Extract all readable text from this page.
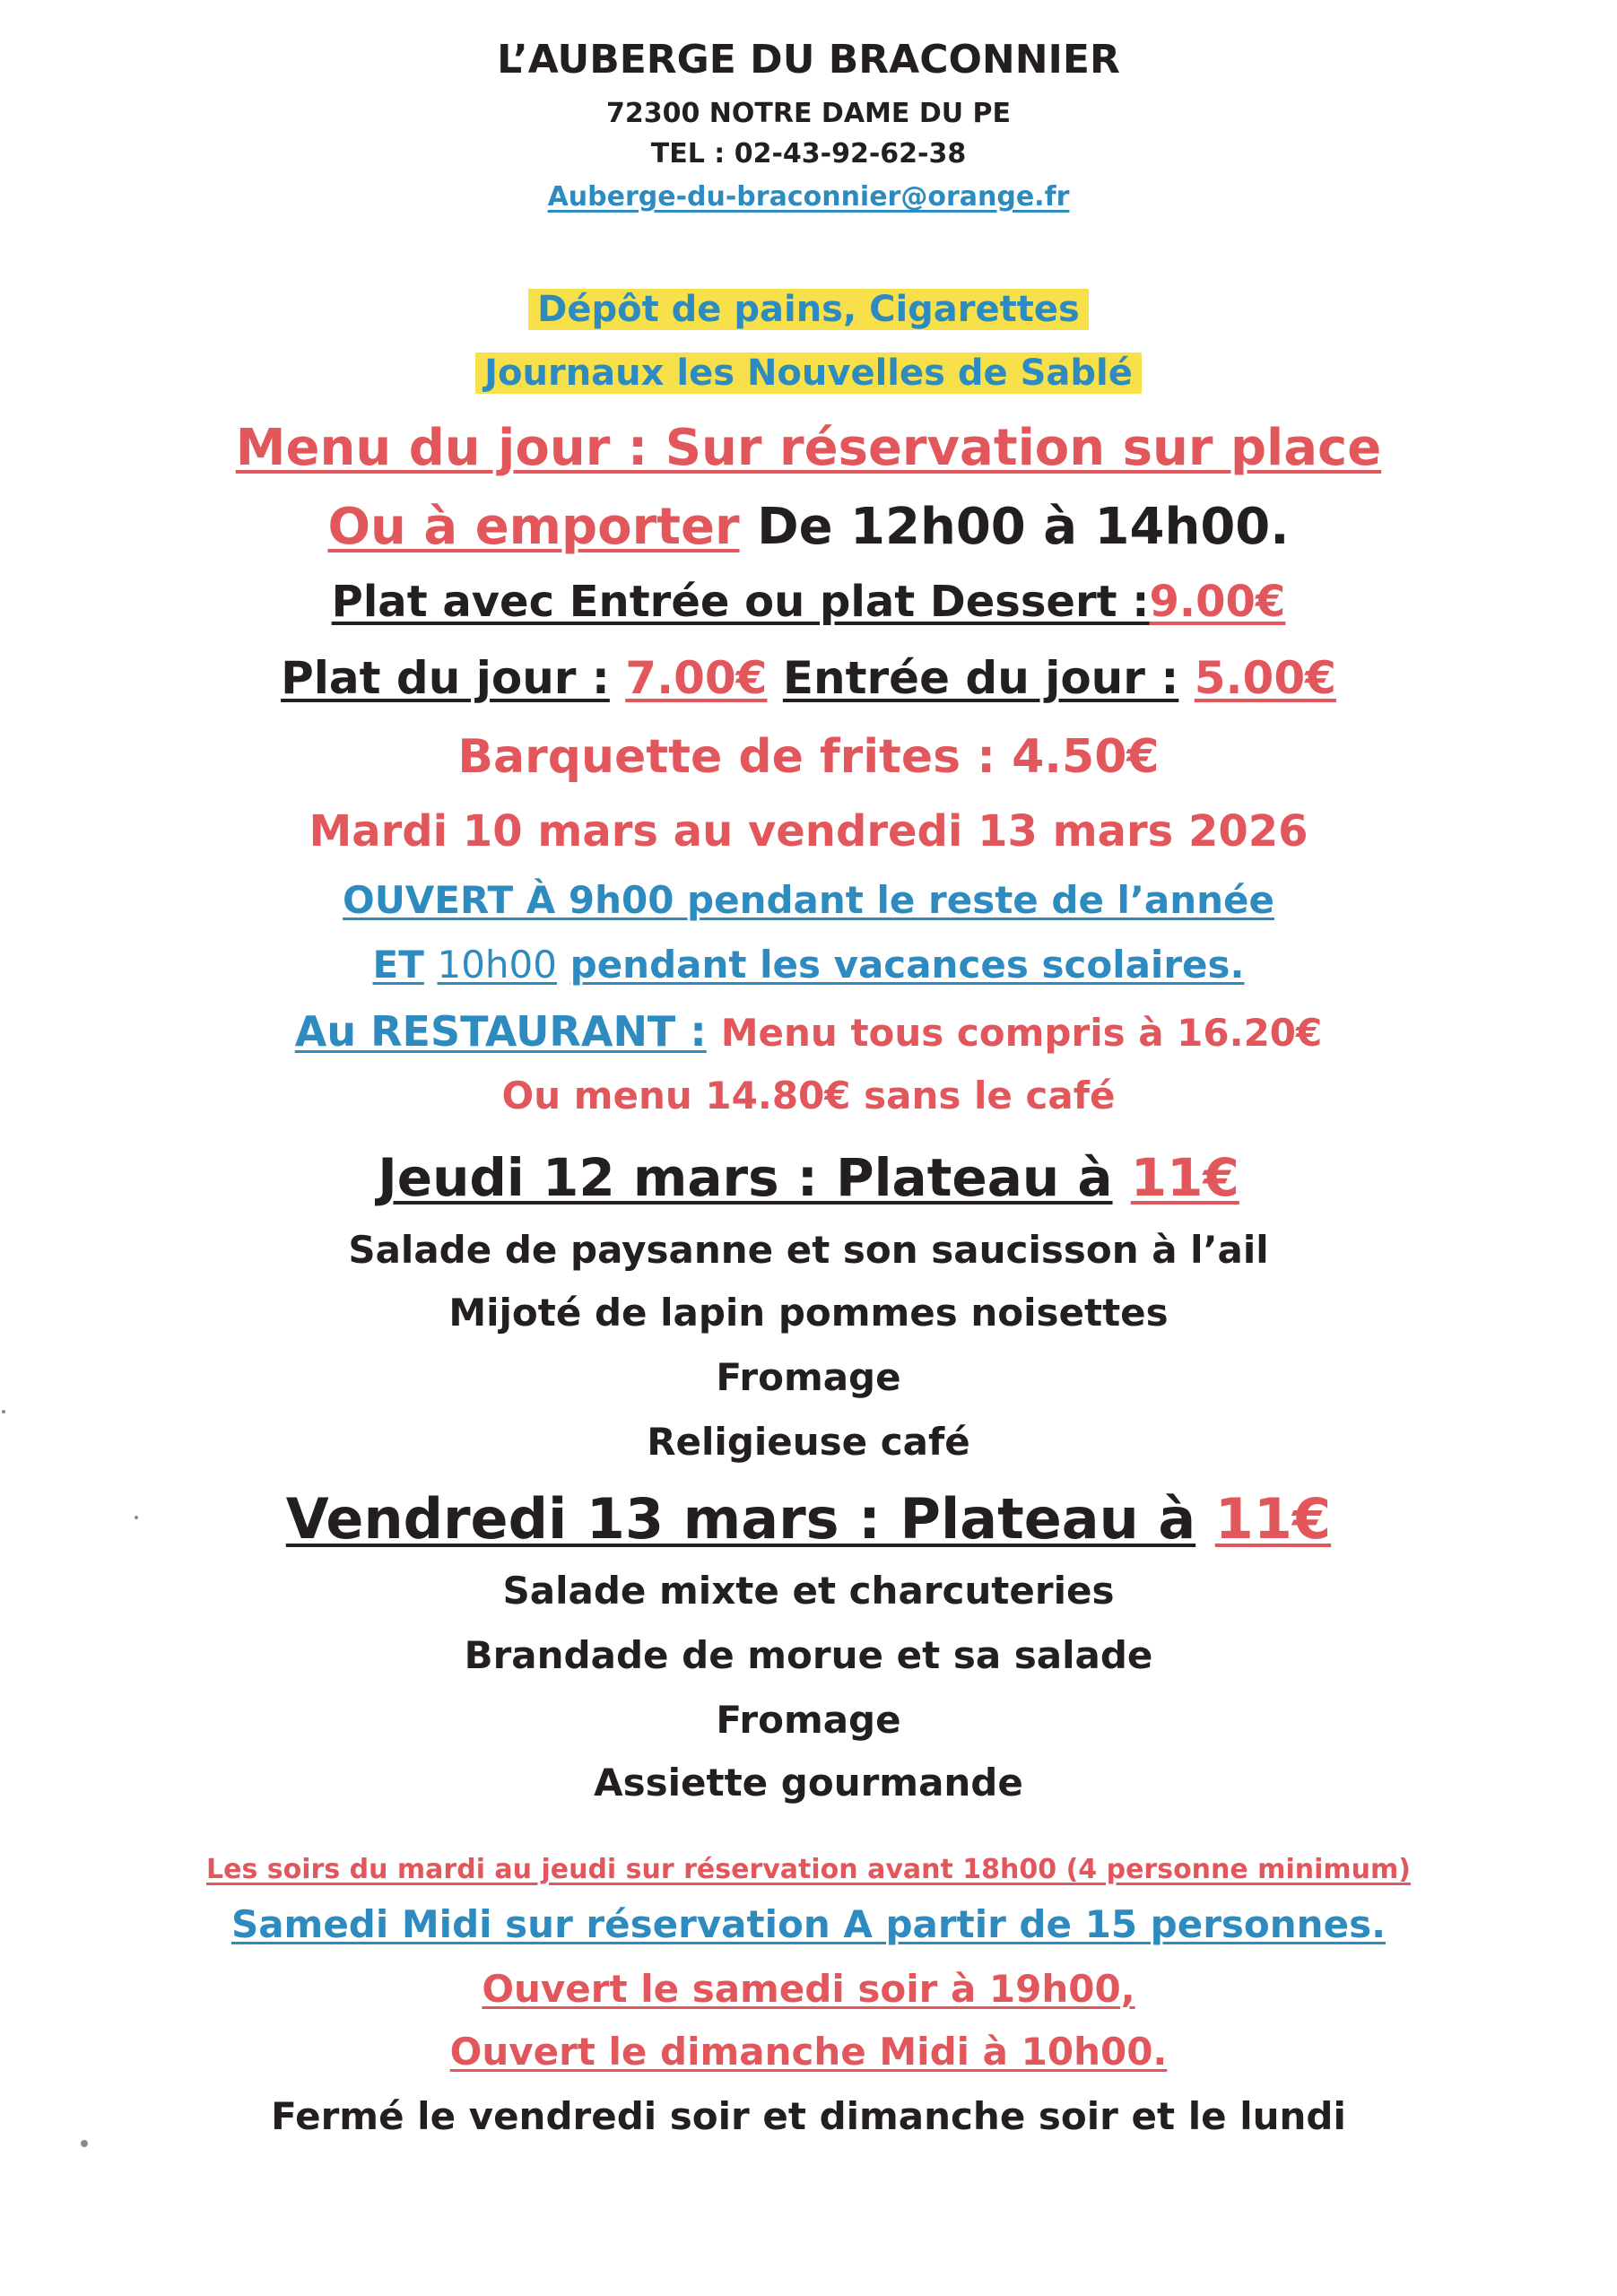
L’AUBERGE DU BRACONNIER
72300 NOTRE DAME DU PE
TEL : 02-43-92-62-38
Auberge-du-braconnier@orange.fr
Dépôt de pains, Cigarettes
Journaux les Nouvelles de Sablé
Menu du jour : Sur réservation sur place
Ou à emporter De 12h00 à 14h00.
Plat avec Entrée ou plat Dessert :9.00€
Plat du jour : 7.00€ Entrée du jour : 5.00€
Barquette de frites : 4.50€
Mardi 10 mars au vendredi 13 mars 2026
OUVERT À 9h00 pendant le reste de l’année
ET 10h00 pendant les vacances scolaires.
Au RESTAURANT : Menu tous compris à 16.20€
Ou menu 14.80€ sans le café
Jeudi 12 mars : Plateau à 11€
Salade de paysanne et son saucisson à l’ail
Mijoté de lapin pommes noisettes
Fromage
Religieuse café
Vendredi 13 mars : Plateau à 11€
Salade mixte et charcuteries
Brandade de morue et sa salade
Fromage
Assiette gourmande
Les soirs du mardi au jeudi sur réservation avant 18h00 (4 personne minimum)
Samedi Midi sur réservation A partir de 15 personnes.
Ouvert le samedi soir à 19h00,
Ouvert le dimanche Midi à 10h00.
Fermé le vendredi soir et dimanche soir et le lundi
